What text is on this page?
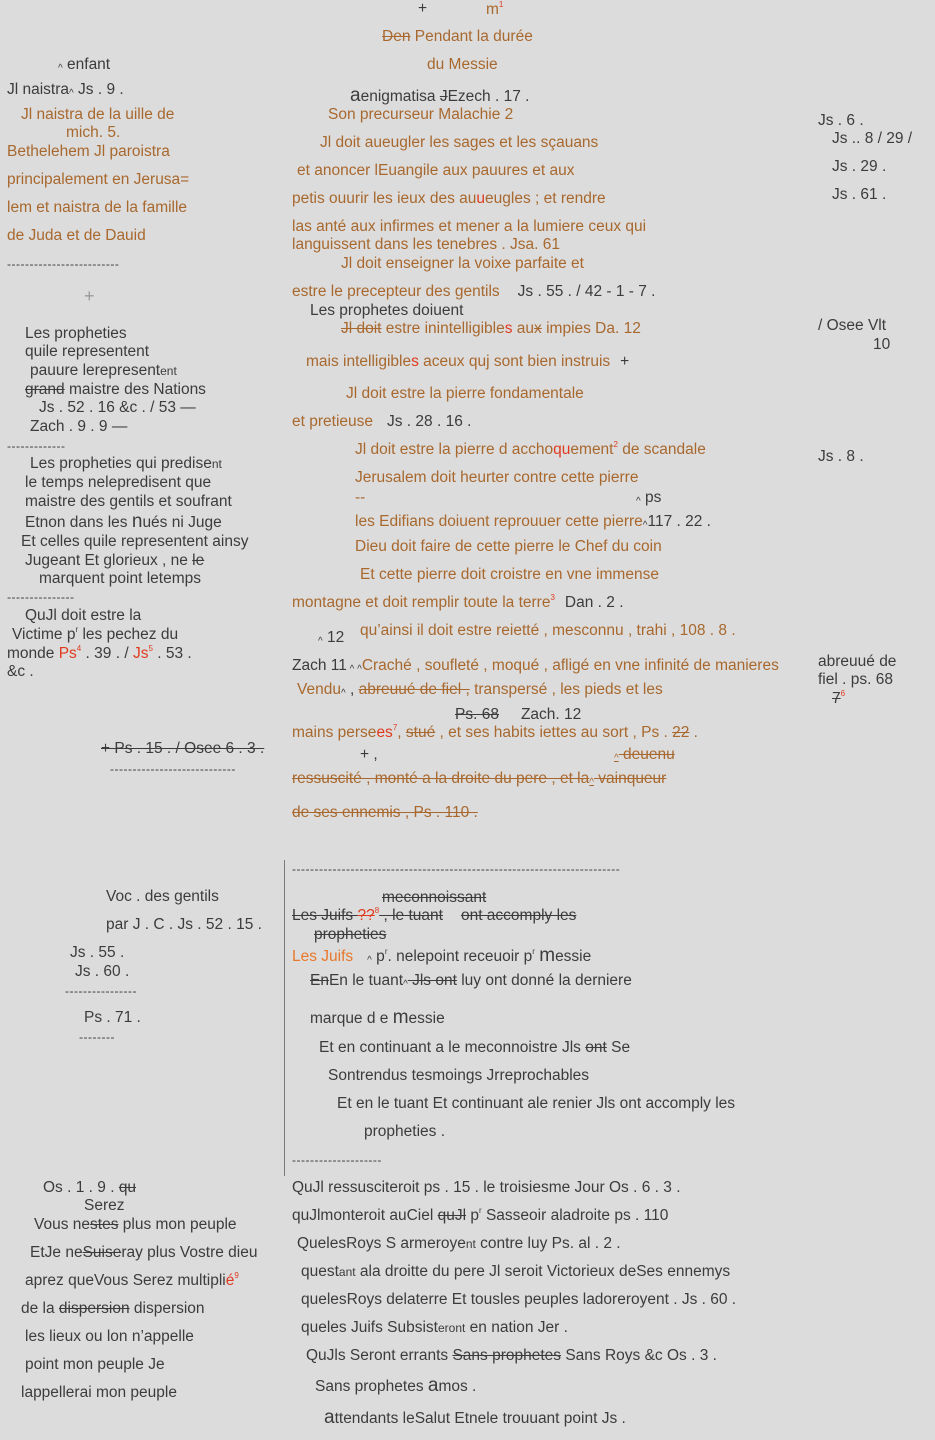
+	$m^1$
Den Pendant la durée
du Messie
aenigmatisa JEzech . 17 .
Son precurseur Malachie 2
Jl doit aueugler les sages et les sçauans
et anoncer lEuangile aux pauures et aux
petis ouurir les ieux des auueugles ; et rendre
las anté aux infirmes et mener a la lumiere ceux qui
languissent dans les tenebres . Jsa. 61
Jl doit enseigner la voixe parfaite et
estre le precepteur des gentils Js . 55 . / 42 - 1 - 7 .
Les prophetes doiuent
Jl doit estre inintelligibles aux impies Da. 12
mais intelligibles aceux quj sont bien instruis +
Jl doit estre la pierre fondamentale
et pretieuse Js . 28 . 16 .
Jl doit estre la pierre d acchoquement$^2$ de scandale
Jerusalem doit heurter contre cette pierre
--	^ ps
les Edifians doiuent reprouuer cette pierre^117 . 22 .
Dieu doit faire de cette pierre le Chef du coin
Et cette pierre doit croistre en vne immense
montagne et doit remplir toute la terre$^3$ Dan . 2 .
^ 12 qu’ainsi il doit estre reietté , mesconnu , trahi , 108 . 8 .
Zach 11 ^ ^Craché , soufleté , moqué , afligé en vne infinité de manieres
Vendu^ , abreuué de fiel , transpersé , les pieds et les
Ps. 68 Zach. 12
mains persees$^7$, stué , et ses habits iettes au sort , Ps . 22 .
+ ,	^ deuenu
ressuscité , monté a la droite du pere , et la^ vainqueur
de ses ennemis , Ps . 110 .
^ enfant
Jl naistra^ Js . 9 .
Jl naistra de la uille de
mich. 5.
Bethelehem Jl paroistra
principalement en Jerusa=
lem et naistra de la famille
de Juda et de Dauid
-------------------------
+
Les propheties
quile representent
pauure lerepresentent
grand maistre des Nations
Js . 52 . 16 &c . / 53 —
Zach . 9 . 9 —
-------------
Les propheties qui predisent
le temps nelepredisent que
maistre des gentils et soufrant
Etnon dans les nués ni Juge
Et celles quile representent ainsy
Jugeant Et glorieux , ne le
marquent point letemps
---------------
QuJl doit estre la
Victime $p^r$ les pechez du
monde Ps$^4$ . 39 . / Js$^5$ . 53 .
&c .
+ Ps . 15 . / Osee 6 . 3 .
----------------------------
Js . 6 .
Js .. 8 / 29 /
Js . 29 .
Js . 61 .
/ Osee Vlt
10
Js . 8 .
abreuué de
fiel . ps. 68
$7^6$
-------------------------------------------------------------------------
meconnoissant
Les Juifs ??$^8$ , le tuant ont accomply les
propheties
Les Juifs ^ $p^r$. nelepoint receuoir $p^r$ messie
EnEn le tuant^ Jls ont luy ont donné la derniere
marque d e messie
Et en continuant a le meconnoistre Jls ont Se
Sontrendus tesmoings Jrreprochables
Et en le tuant Et continuant ale renier Jls ont accomply les
propheties .
--------------------
Voc . des gentils
par J . C . Js . 52 . 15 .
Js . 55 .
Js . 60 .
----------------
Ps . 71 .
--------
QuJl ressusciteroit ps . 15 . le troisiesme Jour Os . 6 . 3 .
quJlmonteroit auCiel quJl $p^r$ Sasseoir aladroite ps . 110
QuelesRoys S armeroyent contre luy Ps. al . 2 .
questant ala droitte du pere Jl seroit Victorieux deSes ennemys
quelesRoys delaterre Et tousles peuples ladoreroyent . Js . 60 .
queles Juifs Subsisteront en nation Jer .
QuJls Seront errants Sans prophetes Sans Roys &c Os . 3 .
Sans prophetes amos .
attendants leSalut Etnele trouuant point Js .
Os . 1 . 9 . qu
Serez
Vous nestes plus mon peuple
EtJe neSuiseray plus Vostre dieu
aprez queVous Serez multiplié$^9$
de la dispersion dispersion
les lieux ou lon n’appelle
point mon peuple Je
lappellerai mon peuple
